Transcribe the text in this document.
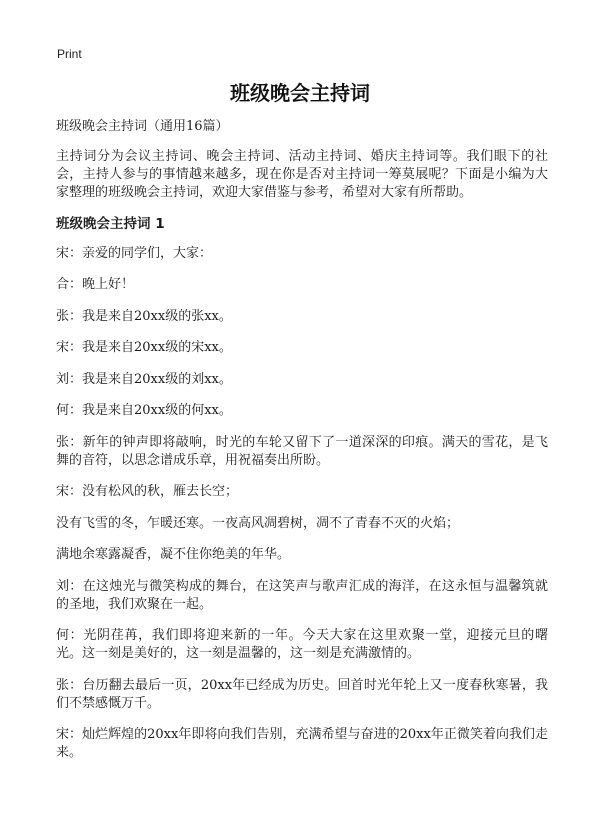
Print
班级晚会主持词

班级晚会主持词（通用16篇）

主持词分为会议主持词、晚会主持词、活动主持词、婚庆主持词等。我们眼下的社会，主持人参与的事情越来越多，现在你是否对主持词一筹莫展呢？下面是小编为大家整理的班级晚会主持词，欢迎大家借鉴与参考，希望对大家有所帮助。

班级晚会主持词 1

宋：亲爱的同学们，大家：

合：晚上好！

张：我是来自20xx级的张xx。

宋：我是来自20xx级的宋xx。

刘：我是来自20xx级的刘xx。

何：我是来自20xx级的何xx。

张：新年的钟声即将敲响，时光的车轮又留下了一道深深的印痕。满天的雪花，是飞舞的音符，以思念谱成乐章，用祝福奏出所盼。

宋：没有松风的秋，雁去长空；

没有飞雪的冬，乍暖还寒。一夜高风凋碧树，凋不了青春不灭的火焰；

满地余寒露凝香，凝不住你绝美的年华。

刘：在这烛光与微笑构成的舞台，在这笑声与歌声汇成的海洋，在这永恒与温馨筑就的圣地，我们欢聚在一起。

何：光阴荏苒，我们即将迎来新的一年。今天大家在这里欢聚一堂，迎接元旦的曙光。这一刻是美好的，这一刻是温馨的，这一刻是充满激情的。

张：台历翻去最后一页，20xx年已经成为历史。回首时光年轮上又一度春秋寒暑，我们不禁感慨万千。

宋：灿烂辉煌的20xx年即将向我们告别，充满希望与奋进的20xx年正微笑着向我们走来。
